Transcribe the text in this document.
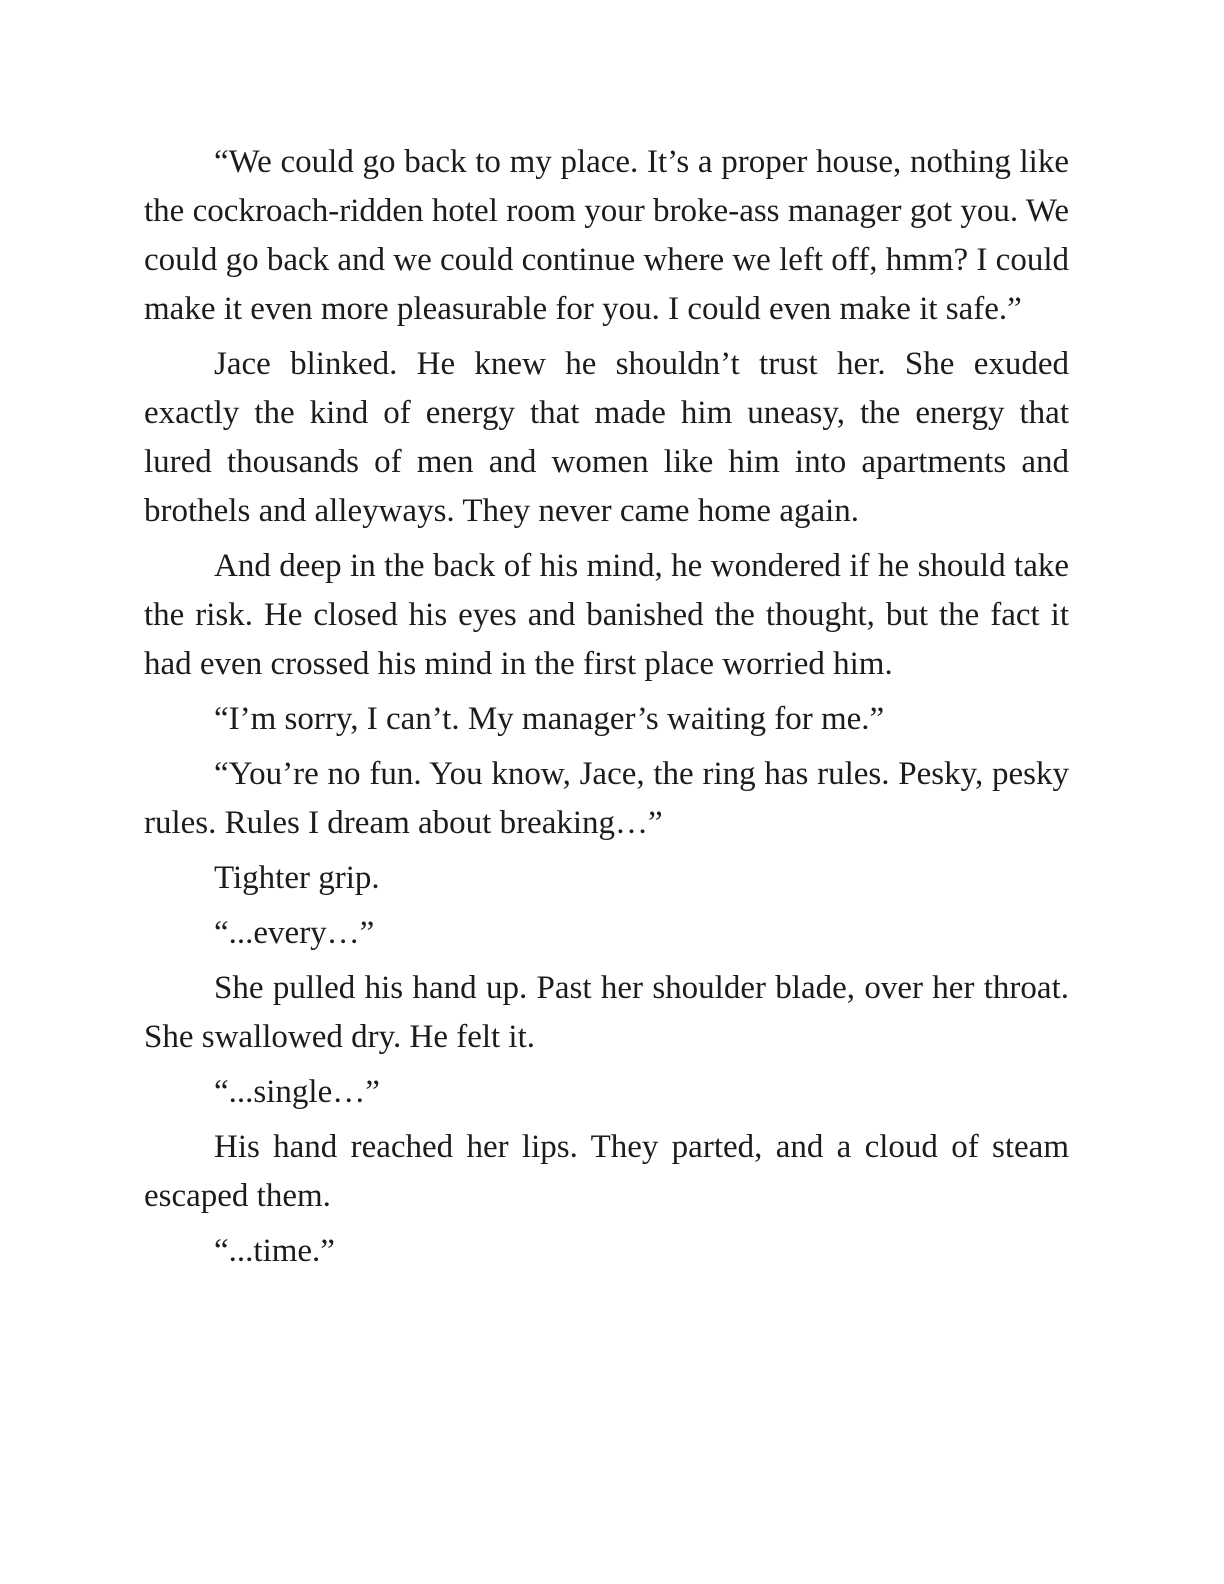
“We could go back to my place. It’s a proper house, nothing like the cockroach-ridden hotel room your broke-ass manager got you. We could go back and we could continue where we left off, hmm? I could make it even more pleasurable for you. I could even make it safe.”

Jace blinked. He knew he shouldn’t trust her. She exuded exactly the kind of energy that made him uneasy, the energy that lured thousands of men and women like him into apartments and brothels and alleyways. They never came home again.

And deep in the back of his mind, he wondered if he should take the risk. He closed his eyes and banished the thought, but the fact it had even crossed his mind in the first place worried him.

“I’m sorry, I can’t. My manager’s waiting for me.”

“You’re no fun. You know, Jace, the ring has rules. Pesky, pesky rules. Rules I dream about breaking…”

Tighter grip.

“...every…”

She pulled his hand up. Past her shoulder blade, over her throat. She swallowed dry. He felt it.

“...single…”

His hand reached her lips. They parted, and a cloud of steam escaped them.

“...time.”
